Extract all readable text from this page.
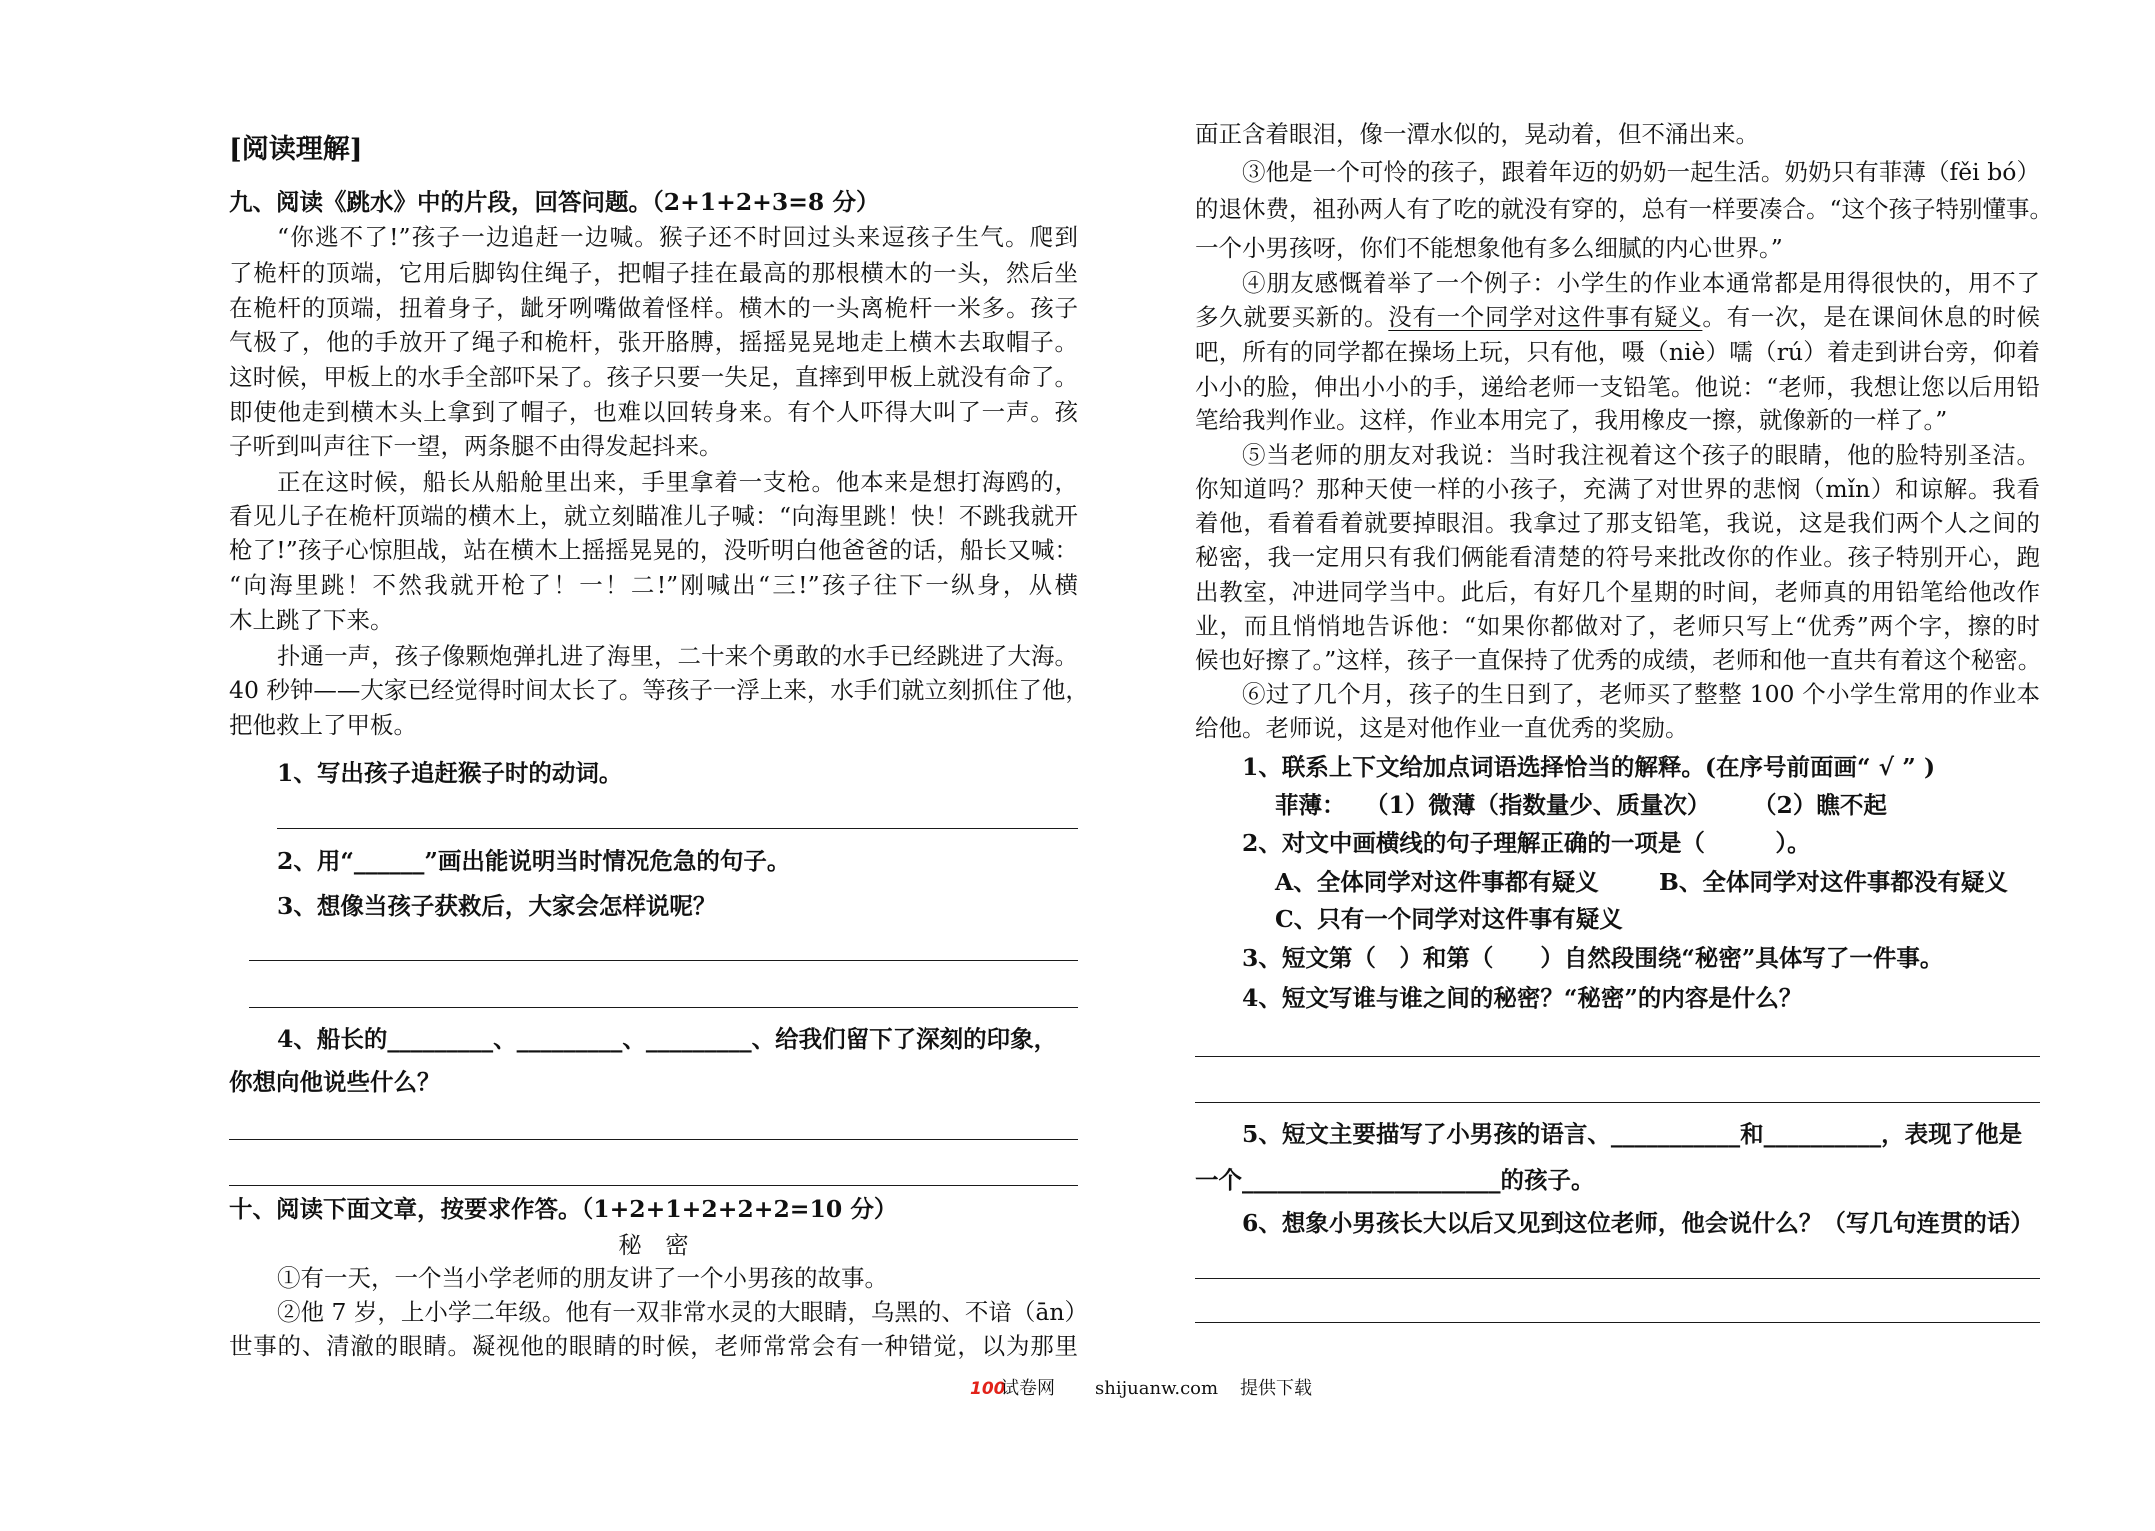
[阅读理解]
九、阅读《跳水》中的片段，回答问题。（2+1+2+3=8 分）
“你逃不了!”孩子一边追赶一边喊。猴子还不时回过头来逗孩子生气。爬到
了桅杆的顶端，它用后脚钩住绳子，把帽子挂在最高的那根横木的一头，然后坐
在桅杆的顶端，扭着身子，龇牙咧嘴做着怪样。横木的一头离桅杆一米多。孩子
气极了，他的手放开了绳子和桅杆，张开胳膊，摇摇晃晃地走上横木去取帽子。
这时候，甲板上的水手全部吓呆了。孩子只要一失足，直摔到甲板上就没有命了。
即使他走到横木头上拿到了帽子，也难以回转身来。有个人吓得大叫了一声。孩
子听到叫声往下一望，两条腿不由得发起抖来。
正在这时候，船长从船舱里出来，手里拿着一支枪。他本来是想打海鸥的，
看见儿子在桅杆顶端的横木上，就立刻瞄准儿子喊：“向海里跳！快！不跳我就开
枪了!”孩子心惊胆战，站在横木上摇摇晃晃的，没听明白他爸爸的话，船长又喊：
“向海里跳！不然我就开枪了！一！二!”刚喊出“三!”孩子往下一纵身，从横
木上跳了下来。
扑通一声，孩子像颗炮弹扎进了海里，二十来个勇敢的水手已经跳进了大海。
40 秒钟——大家已经觉得时间太长了。等孩子一浮上来，水手们就立刻抓住了他，
把他救上了甲板。
1、写出孩子追赶猴子时的动词。
2、用“______”画出能说明当时情况危急的句子。
3、想像当孩子获救后，大家会怎样说呢？
4、船长的_________、_________、_________、给我们留下了深刻的印象，
你想向他说些什么？
十、阅读下面文章，按要求作答。（1+2+1+2+2+2=10 分）
秘　密
①有一天，一个当小学老师的朋友讲了一个小男孩的故事。
②他 7 岁，上小学二年级。他有一双非常水灵的大眼睛，乌黑的、不谙（ān）
世事的、清澈的眼睛。凝视他的眼睛的时候，老师常常会有一种错觉，以为那里
面正含着眼泪，像一潭水似的，晃动着，但不涌出来。
③他是一个可怜的孩子，跟着年迈的奶奶一起生活。奶奶只有菲薄（fěi bó）
的退休费，祖孙两人有了吃的就没有穿的，总有一样要凑合。“这个孩子特别懂事。
一个小男孩呀，你们不能想象他有多么细腻的内心世界。”
④朋友感慨着举了一个例子：小学生的作业本通常都是用得很快的，用不了
多久就要买新的。没有一个同学对这件事有疑义。有一次，是在课间休息的时候
吧，所有的同学都在操场上玩，只有他，嗫（niè）嚅（rú）着走到讲台旁，仰着
小小的脸，伸出小小的手，递给老师一支铅笔。他说：“老师，我想让您以后用铅
笔给我判作业。这样，作业本用完了，我用橡皮一擦，就像新的一样了。”
⑤当老师的朋友对我说：当时我注视着这个孩子的眼睛，他的脸特别圣洁。
你知道吗？那种天使一样的小孩子，充满了对世界的悲悯（mǐn）和谅解。我看
着他，看着看着就要掉眼泪。我拿过了那支铅笔，我说，这是我们两个人之间的
秘密，我一定用只有我们俩能看清楚的符号来批改你的作业。孩子特别开心，跑
出教室，冲进同学当中。此后，有好几个星期的时间，老师真的用铅笔给他改作
业，而且悄悄地告诉他：“如果你都做对了，老师只写上“优秀”两个字，擦的时
候也好擦了。”这样，孩子一直保持了优秀的成绩，老师和他一直共有着这个秘密。
⑥过了几个月，孩子的生日到了，老师买了整整 100 个小学生常用的作业本
给他。老师说，这是对他作业一直优秀的奖励。
1、联系上下文给加点词语选择恰当的解释。(在序号前面画“ √ ” )
菲薄： （1）微薄（指数量少、质量次） （2）瞧不起
2、对文中画横线的句子理解正确的一项是（　　　）。
A、全体同学对这件事都有疑义	B、全体同学对这件事都没有疑义
C、只有一个同学对这件事有疑义
3、短文第（　）和第（　　）自然段围绕“秘密”具体写了一件事。
4、短文写谁与谁之间的秘密？“秘密”的内容是什么？
5、短文主要描写了小男孩的语言、___________和__________，表现了他是
一个______________________的孩子。
6、想象小男孩长大以后又见到这位老师，他会说什么？（写几句连贯的话）
100
试卷网 shijuanw.com 提供下载
